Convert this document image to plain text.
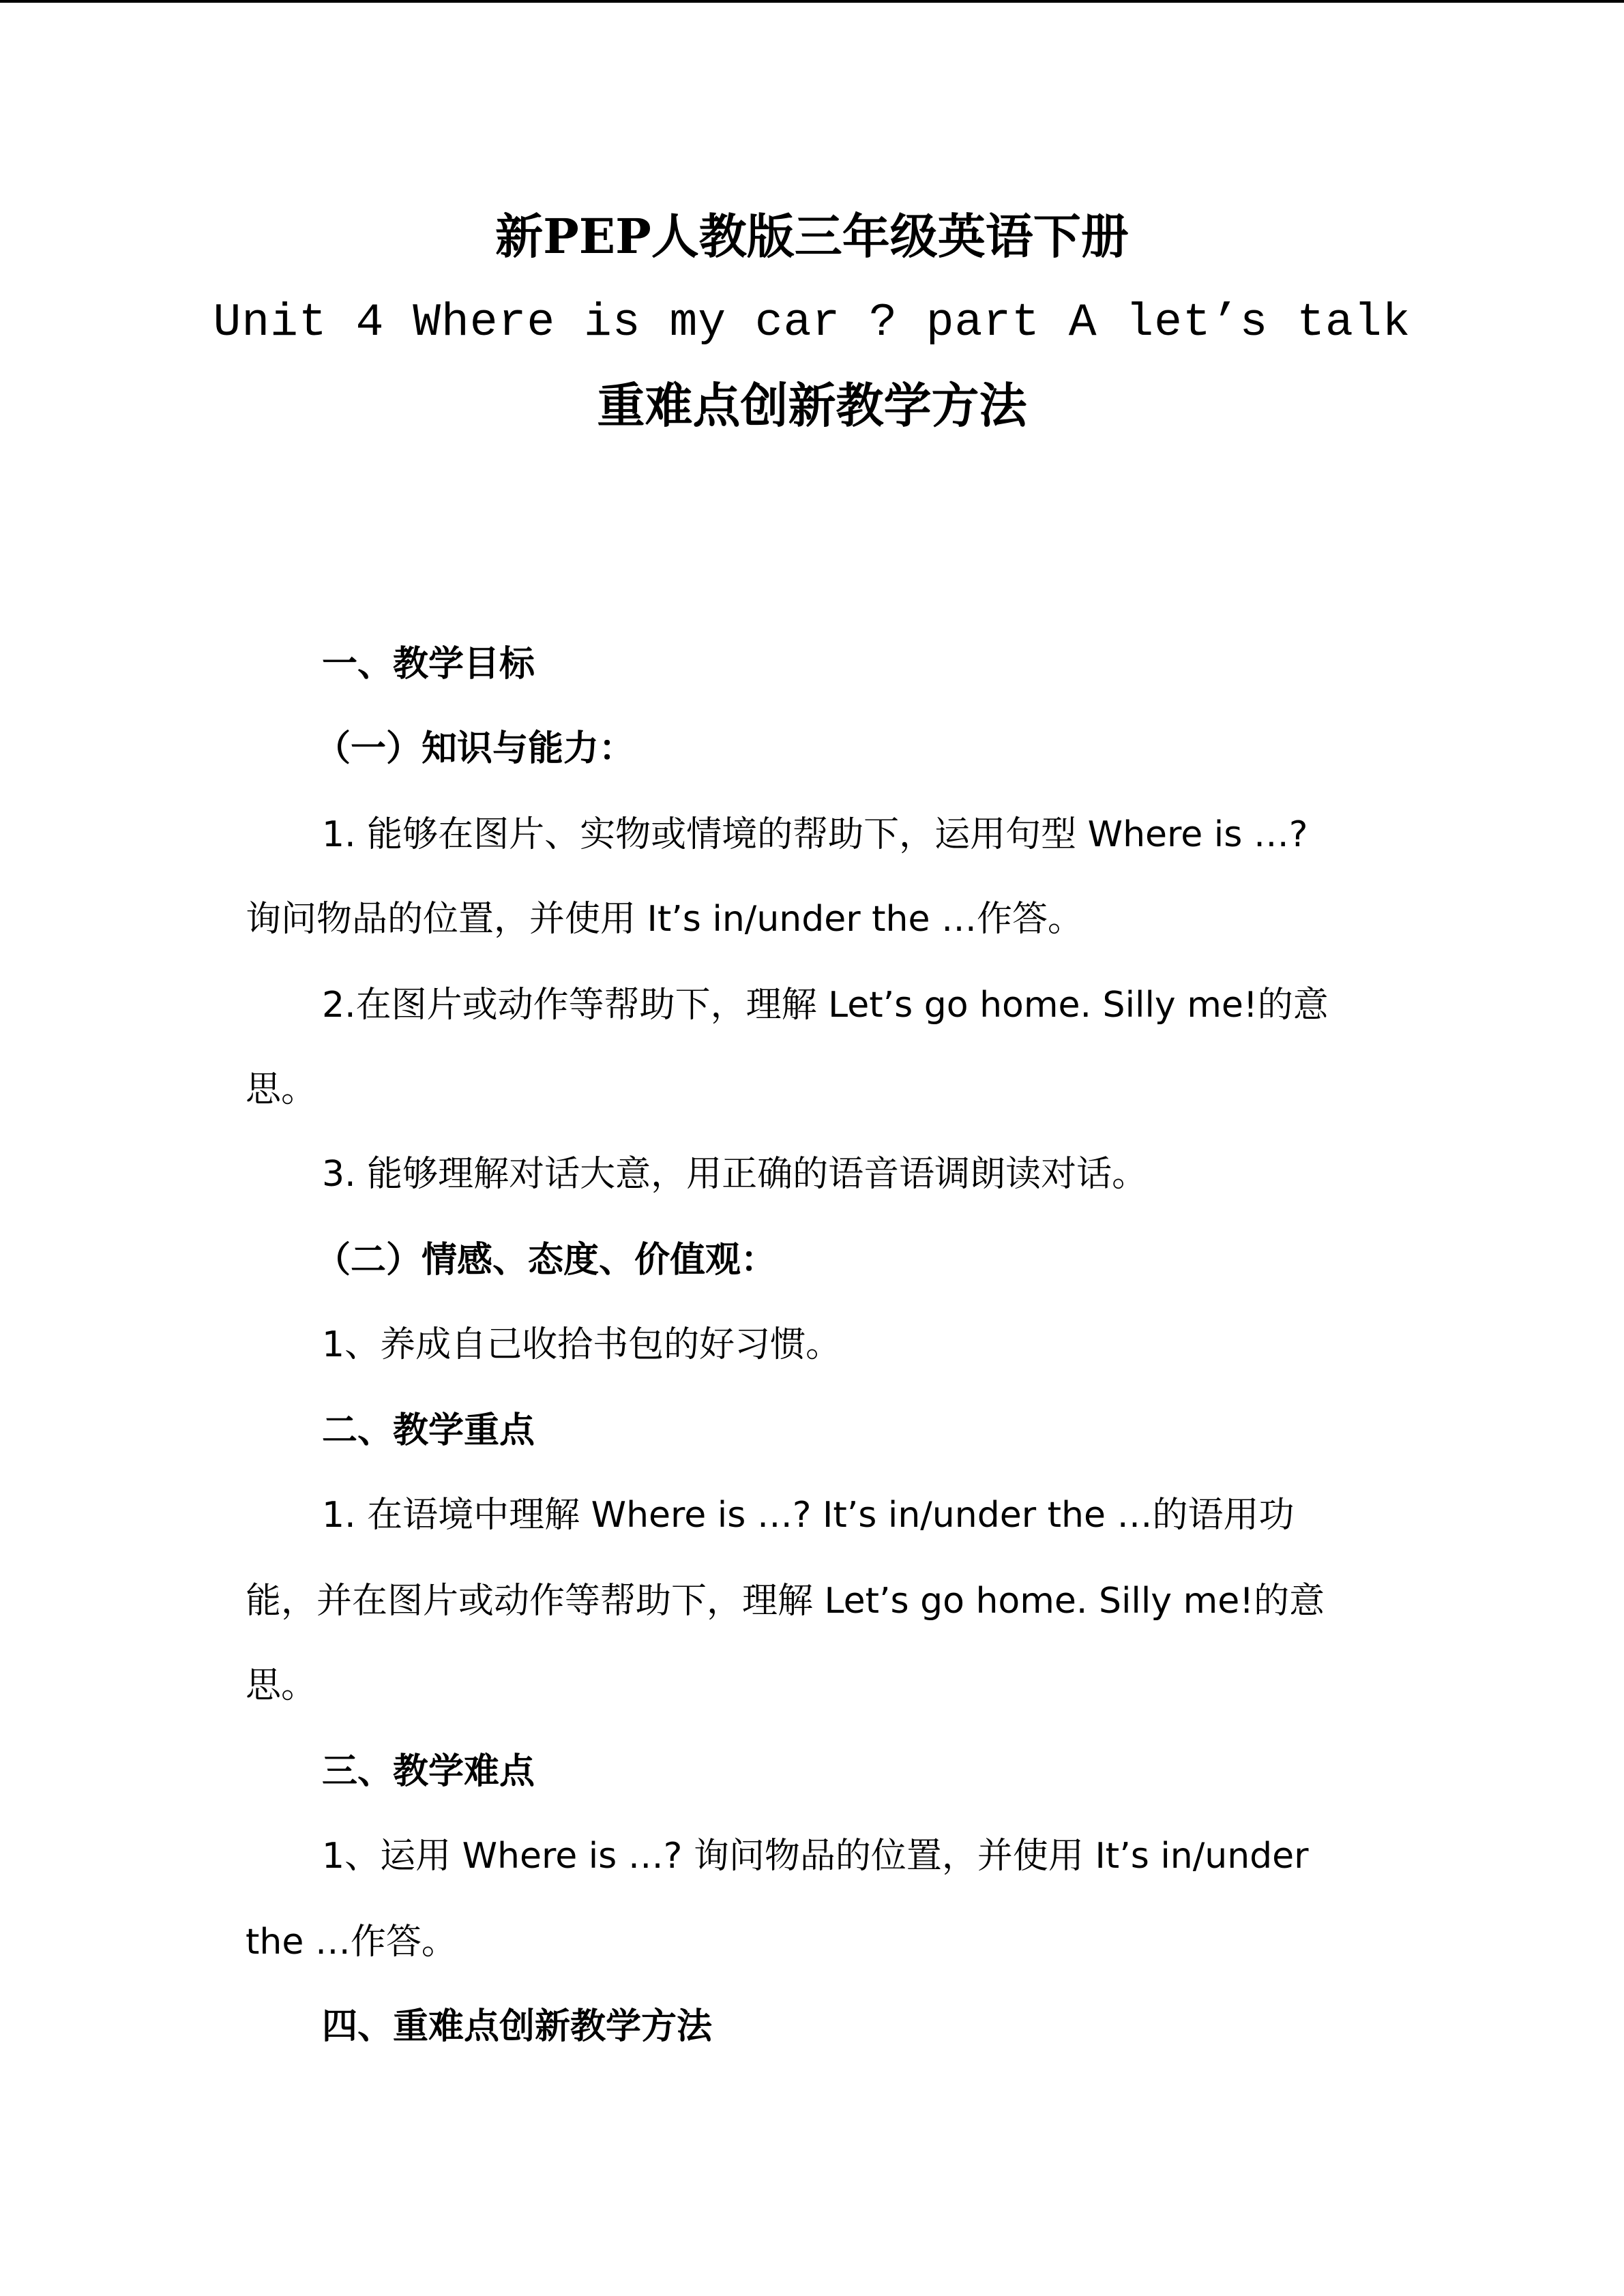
新PEP人教版三年级英语下册
Unit 4 Where is my car ? part A let’s talk
重难点创新教学方法
一、教学目标
（一）知识与能力：
1. 能够在图片、实物或情境的帮助下，运用句型 Where is …?
询问物品的位置，并使用 It’s in/under the …作答。
2.在图片或动作等帮助下，理解 Let’s go home. Silly me!的意
思。
3. 能够理解对话大意，用正确的语音语调朗读对话。
（二）情感、态度、价值观：
1、养成自己收拾书包的好习惯。
二、教学重点
1. 在语境中理解 Where is …? It’s in/under the …的语用功
能，并在图片或动作等帮助下，理解 Let’s go home. Silly me!的意
思。
三、教学难点
1、运用 Where is …? 询问物品的位置，并使用 It’s in/under
the …作答。
四、重难点创新教学方法
